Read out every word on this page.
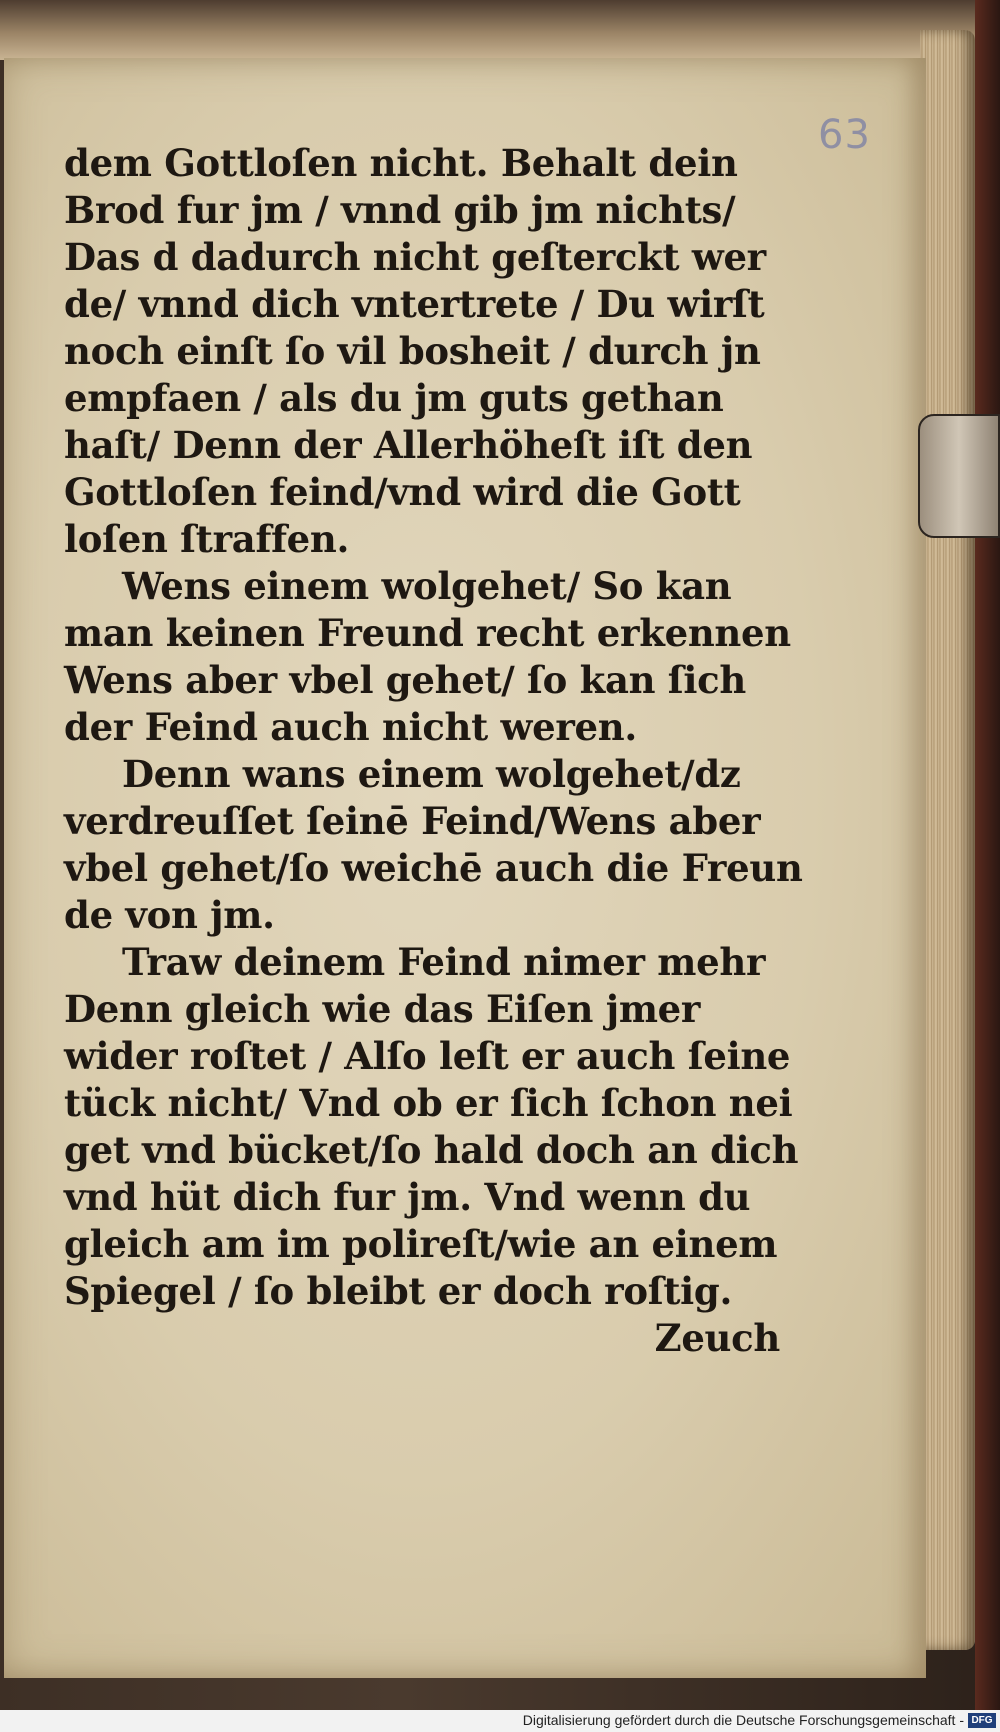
63
dem Gottloſen nicht. Behalt dein
Brod fur jm / vnnd gib jm nichts/
Das d dadurch nicht geſterckt wer
de/ vnnd dich vntertrete / Du wirſt
noch einſt ſo vil bosheit / durch jn
empfaen / als du jm guts gethan
haſt/ Denn der Allerhöheſt iſt den
Gottloſen feind/vnd wird die Gott
loſen ſtraffen.
Wens einem wolgehet/ So kan
man keinen Freund recht erkennen
Wens aber vbel gehet/ ſo kan ſich
der Feind auch nicht weren.
Denn wans einem wolgehet/dz
verdreuſſet ſeinē Feind/Wens aber
vbel gehet/ſo weichē auch die Freun
de von jm.
Traw deinem Feind nimer mehr
Denn gleich wie das Eiſen jmer
wider roſtet / Alſo leſt er auch ſeine
tück nicht/ Vnd ob er ſich ſchon nei
get vnd bücket/ſo hald doch an dich
vnd hüt dich fur jm. Vnd wenn du
gleich am im polireſt/wie an einem
Spiegel / ſo bleibt er doch roſtig.
Zeuch
Digitalisierung gefördert durch die Deutsche Forschungsgemeinschaft - DFG
